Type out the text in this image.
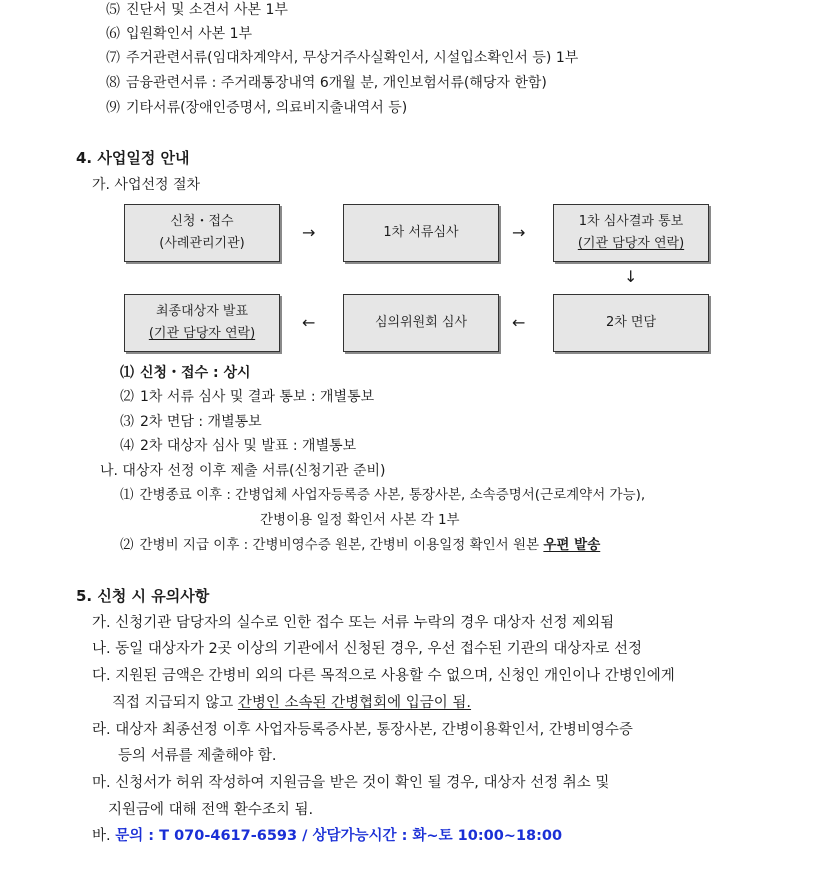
⑸ 진단서 및 소견서 사본 1부
⑹ 입원확인서 사본 1부
⑺ 주거관련서류(임대차계약서, 무상거주사실확인서, 시설입소확인서 등) 1부
⑻ 금융관련서류 : 주거래통장내역 6개월 분, 개인보험서류(해당자 한함)
⑼ 기타서류(장애인증명서, 의료비지출내역서 등)
4. 사업일정 안내
가. 사업선정 절차
신청・접수
(사례관리기관)
→	1차 서류심사	→
1차 심사결과 통보
(기관 담당자 연락)
↓
최종대상자 발표
(기관 담당자 연락)
←	심의위원회 심사	←	2차 면담
⑴ 신청・접수 : 상시
⑵ 1차 서류 심사 및 결과 통보 : 개별통보
⑶ 2차 면담 : 개별통보
⑷ 2차 대상자 심사 및 발표 : 개별통보
나. 대상자 선정 이후 제출 서류(신청기관 준비)
⑴ 간병종료 이후 : 간병업체 사업자등록증 사본, 통장사본, 소속증명서(근로계약서 가능),
간병이용 일정 확인서 사본 각 1부
⑵ 간병비 지급 이후 : 간병비영수증 원본, 간병비 이용일정 확인서 원본 우편 발송
5. 신청 시 유의사항
가. 신청기관 담당자의 실수로 인한 접수 또는 서류 누락의 경우 대상자 선정 제외됨
나. 동일 대상자가 2곳 이상의 기관에서 신청된 경우, 우선 접수된 기관의 대상자로 선정
다. 지원된 금액은 간병비 외의 다른 목적으로 사용할 수 없으며, 신청인 개인이나 간병인에게
직접 지급되지 않고 간병인 소속된 간병협회에 입금이 됨.
라. 대상자 최종선정 이후 사업자등록증사본, 통장사본, 간병이용확인서, 간병비영수증
등의 서류를 제출해야 함.
마. 신청서가 허위 작성하여 지원금을 받은 것이 확인 될 경우, 대상자 선정 취소 및
지원금에 대해 전액 환수조치 됨.
바. 문의 : T 070-4617-6593 / 상담가능시간 : 화~토 10:00~18:00
